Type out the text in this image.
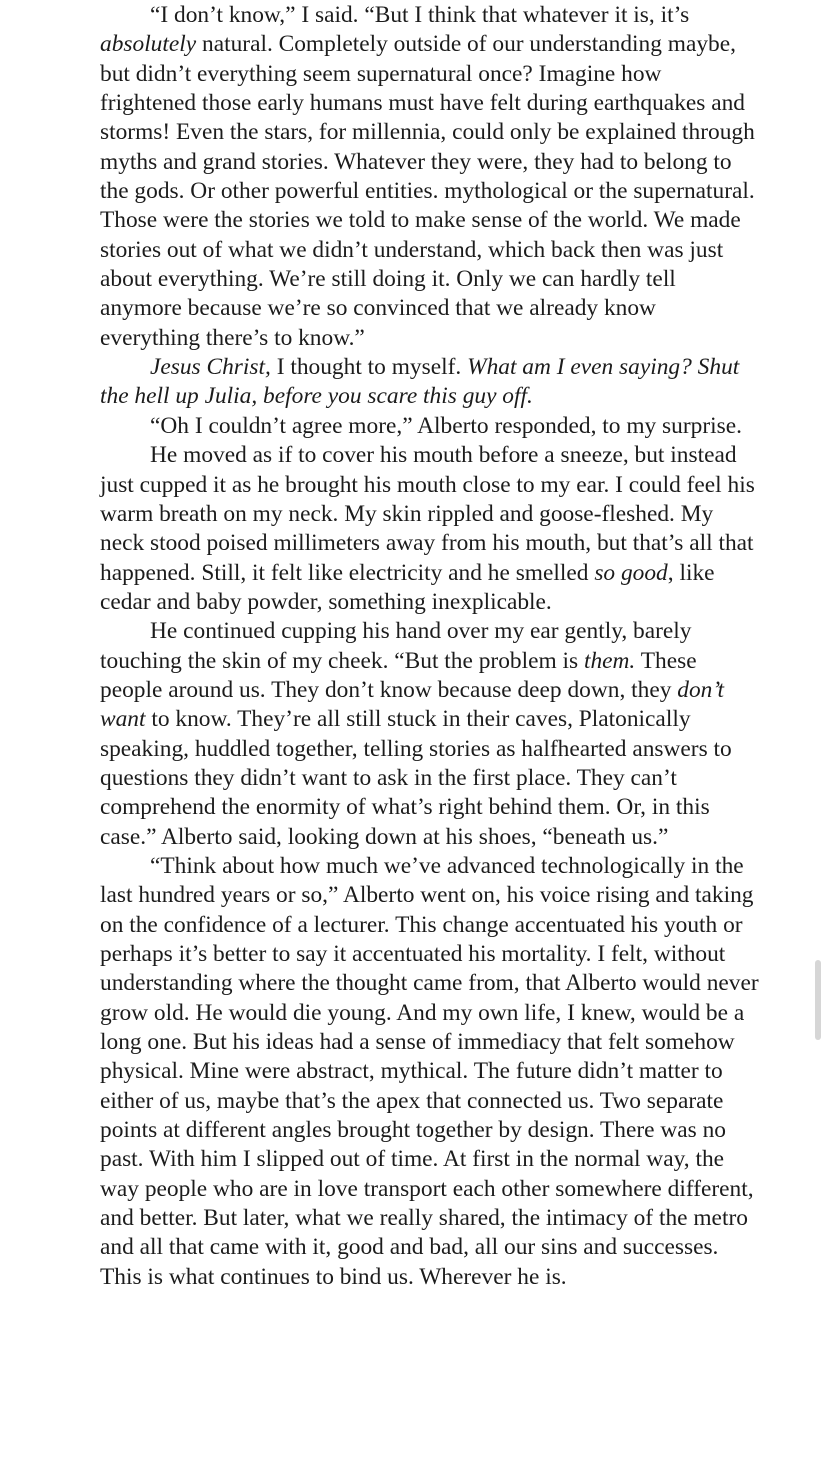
“I don’t know,” I said. “But I think that whatever it is, it’s absolutely natural. Completely outside of our understanding maybe, but didn’t everything seem supernatural once? Imagine how frightened those early humans must have felt during earthquakes and storms! Even the stars, for millennia, could only be explained through myths and grand stories. Whatever they were, they had to belong to the gods. Or other powerful entities. mythological or the supernatural. Those were the stories we told to make sense of the world. We made stories out of what we didn’t understand, which back then was just about everything. We’re still doing it. Only we can hardly tell anymore because we’re so convinced that we already know everything there’s to know.”

Jesus Christ, I thought to myself. What am I even saying? Shut the hell up Julia, before you scare this guy off.

“Oh I couldn’t agree more,” Alberto responded, to my surprise.

He moved as if to cover his mouth before a sneeze, but instead just cupped it as he brought his mouth close to my ear. I could feel his warm breath on my neck. My skin rippled and goose-fleshed. My neck stood poised millimeters away from his mouth, but that’s all that happened. Still, it felt like electricity and he smelled so good, like cedar and baby powder, something inexplicable.

He continued cupping his hand over my ear gently, barely touching the skin of my cheek. “But the problem is them. These people around us. They don’t know because deep down, they don’t want to know. They’re all still stuck in their caves, Platonically speaking, huddled together, telling stories as halfhearted answers to questions they didn’t want to ask in the first place. They can’t comprehend the enormity of what’s right behind them. Or, in this case.” Alberto said, looking down at his shoes, “beneath us.”

“Think about how much we’ve advanced technologically in the last hundred years or so,” Alberto went on, his voice rising and taking on the confidence of a lecturer. This change accentuated his youth or perhaps it’s better to say it accentuated his mortality. I felt, without understanding where the thought came from, that Alberto would never grow old. He would die young. And my own life, I knew, would be a long one. But his ideas had a sense of immediacy that felt somehow physical. Mine were abstract, mythical. The future didn’t matter to either of us, maybe that’s the apex that connected us. Two separate points at different angles brought together by design. There was no past. With him I slipped out of time. At first in the normal way, the way people who are in love transport each other somewhere different, and better. But later, what we really shared, the intimacy of the metro and all that came with it, good and bad, all our sins and successes. This is what continues to bind us. Wherever he is.
